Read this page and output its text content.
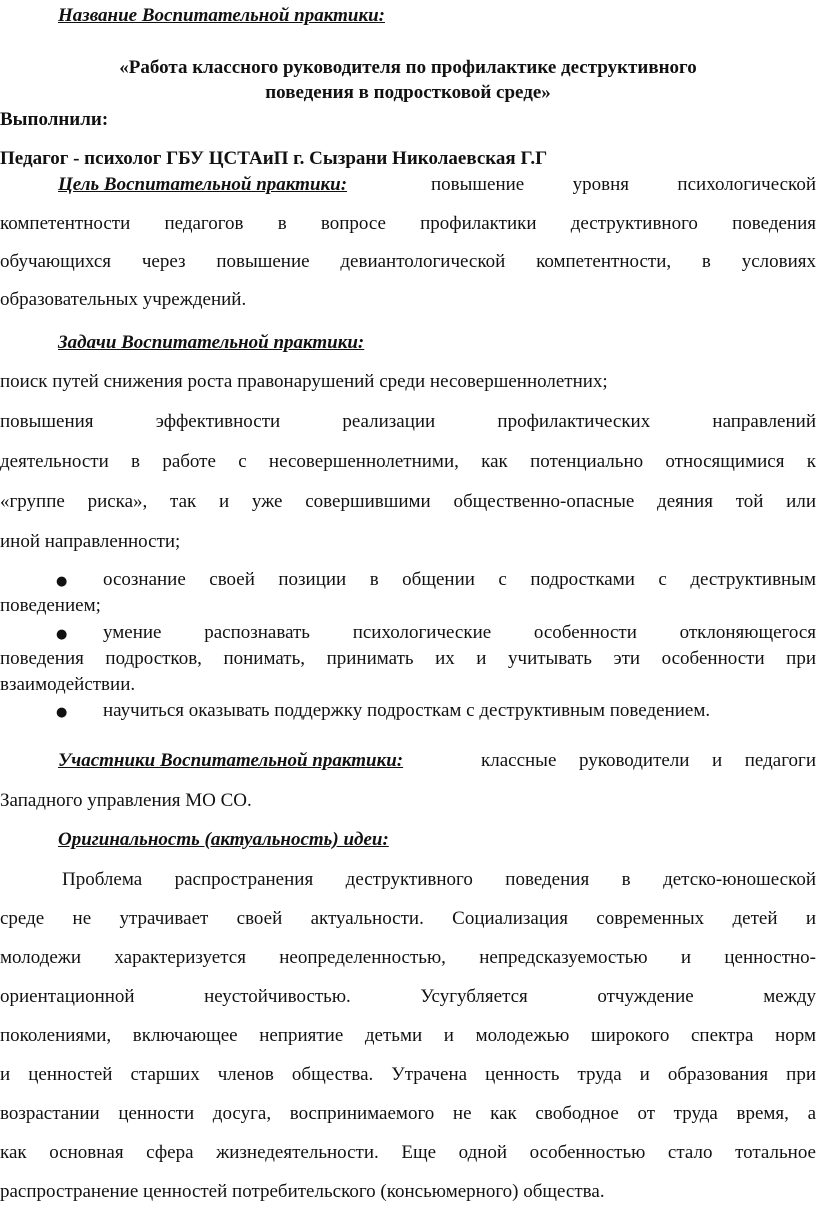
Название Воспитательной практики:
«Работа классного руководителя по профилактике деструктивного
поведения в подростковой среде»
Выполнили:
Педагог - психолог ГБУ ЦСТАиП г. Сызрани Николаевская Г.Г
Цель Воспитательной практики:	повышение уровня психологической
компетентности педагогов в вопросе профилактики деструктивного поведения
обучающихся через повышение девиантологической компетентности, в условиях
образовательных учреждений.
Задачи Воспитательной практики:
поиск путей снижения роста правонарушений среди несовершеннолетних;
повышения эффективности реализации профилактических направлений
деятельности в работе с несовершеннолетними, как потенциально относящимися к
«группе риска», так и уже совершившими общественно-опасные деяния той или
иной направленности;
● осознание своей позиции в общении с подростками с деструктивным
поведением;
● умение распознавать психологические особенности отклоняющегося
поведения подростков, понимать, принимать их и учитывать эти особенности при
взаимодействии.
● научиться оказывать поддержку подросткам с деструктивным поведением.
Участники Воспитательной практики:	классные руководители и педагоги
Западного управления МО СО.
Оригинальность (актуальность) идеи:
Проблема распространения деструктивного поведения в детско-юношеской
среде не утрачивает своей актуальности. Социализация современных детей и
молодежи характеризуется неопределенностью, непредсказуемостью и ценностно-
ориентационной неустойчивостью. Усугубляется отчуждение между
поколениями, включающее неприятие детьми и молодежью широкого спектра норм
и ценностей старших членов общества. Утрачена ценность труда и образования при
возрастании ценности досуга, воспринимаемого не как свободное от труда время, а
как основная сфера жизнедеятельности. Еще одной особенностью стало тотальное
распространение ценностей потребительского (консьюмерного) общества.
